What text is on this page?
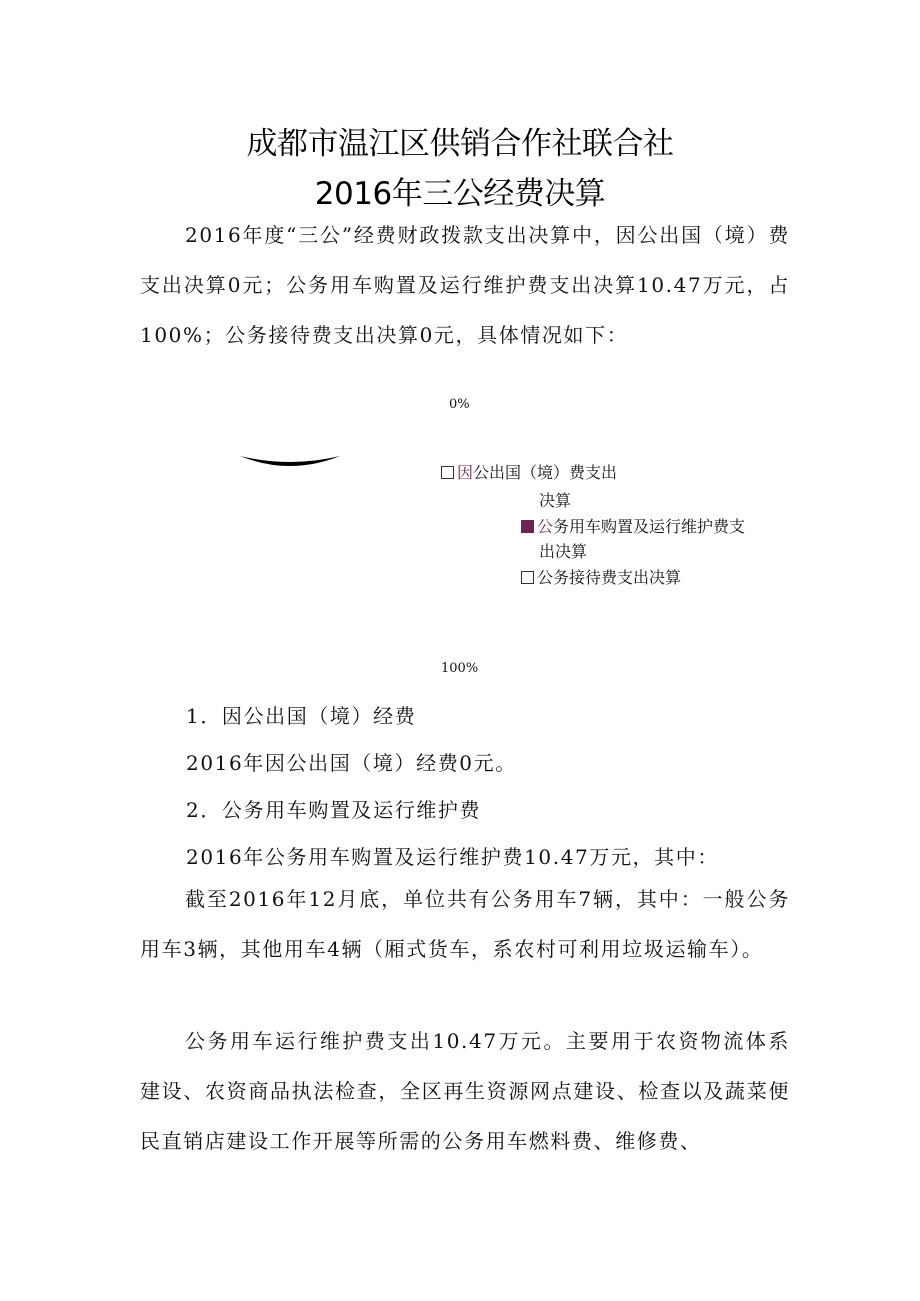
成都市温江区供销合作社联合社
2016年三公经费决算

2016年度“三公”经费财政拨款支出决算中，因公出国（境）费支出决算0元；公务用车购置及运行维护费支出决算10.47万元，占100%；公务接待费支出决算0元，具体情况如下：

0%
因公出国（境）费支出
决算
公务用车购置及运行维护费支
出决算
公务接待费支出决算
100%

1．因公出国（境）经费

2016年因公出国（境）经费0元。

2．公务用车购置及运行维护费

2016年公务用车购置及运行维护费10.47万元，其中：

截至2016年12月底，单位共有公务用车7辆，其中：一般公务用车3辆，其他用车4辆（厢式货车，系农村可利用垃圾运输车）。

公务用车运行维护费支出10.47万元。主要用于农资物流体系建设、农资商品执法检查，全区再生资源网点建设、检查以及蔬菜便民直销店建设工作开展等所需的公务用车燃料费、维修费、
